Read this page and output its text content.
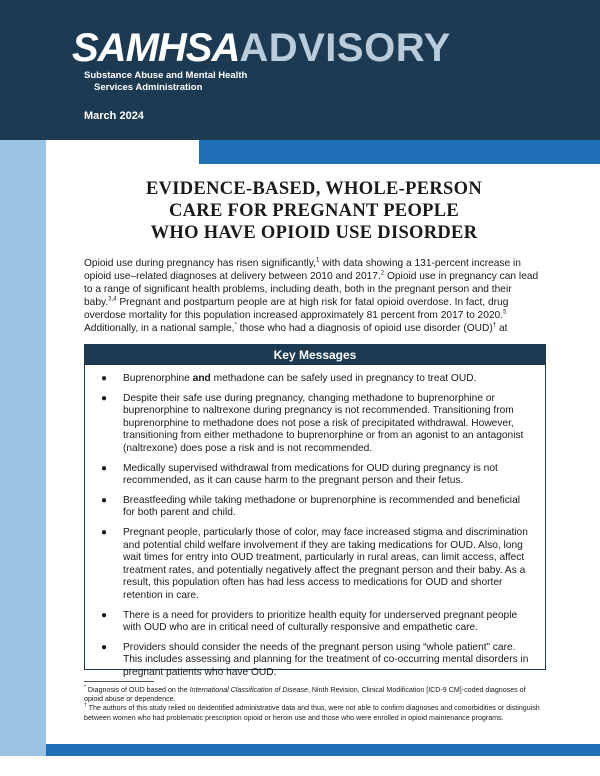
SAMHSAADVISORY
Substance Abuse and Mental Health
Services Administration
March 2024
EVIDENCE-BASED, WHOLE-PERSON
CARE FOR PREGNANT PEOPLE
WHO HAVE OPIOID USE DISORDER
Opioid use during pregnancy has risen significantly,$^1$ with data showing a 131-percent increase in opioid use–related diagnoses at delivery between 2010 and 2017.$^2$ Opioid use in pregnancy can lead to a range of significant health problems, including death, both in the pregnant person and their baby.$^{3,4}$ Pregnant and postpartum people are at high risk for fatal opioid overdose. In fact, drug overdose mortality for this population increased approximately 81 percent from 2017 to 2020.$^5$ Additionally, in a national sample,* those who had a diagnosis of opioid use disorder (OUD)† at
Key Messages
● Buprenorphine and methadone can be safely used in pregnancy to treat OUD.
● Despite their safe use during pregnancy, changing methadone to buprenorphine or buprenorphine to naltrexone during pregnancy is not recommended. Transitioning from buprenorphine to methadone does not pose a risk of precipitated withdrawal. However, transitioning from either methadone to buprenorphine or from an agonist to an antagonist (naltrexone) does pose a risk and is not recommended.
● Medically supervised withdrawal from medications for OUD during pregnancy is not recommended, as it can cause harm to the pregnant person and their fetus.
● Breastfeeding while taking methadone or buprenorphine is recommended and beneficial for both parent and child.
● Pregnant people, particularly those of color, may face increased stigma and discrimination and potential child welfare involvement if they are taking medications for OUD. Also, long wait times for entry into OUD treatment, particularly in rural areas, can limit access, affect treatment rates, and potentially negatively affect the pregnant person and their baby. As a result, this population often has had less access to medications for OUD and shorter retention in care.
● There is a need for providers to prioritize health equity for underserved pregnant people with OUD who are in critical need of culturally responsive and empathetic care.
● Providers should consider the needs of the pregnant person using “whole patient” care. This includes assessing and planning for the treatment of co-occurring mental disorders in pregnant patients who have OUD.

* Diagnosis of OUD based on the International Classification of Disease, Ninth Revision, Clinical Modification [ICD-9 CM]-coded diagnoses of opioid abuse or dependence.

† The authors of this study relied on deidentified administrative data and thus, were not able to confirm diagnoses and comorbidities or distinguish between women who had problematic prescription opioid or heroin use and those who were enrolled in opioid maintenance programs.
